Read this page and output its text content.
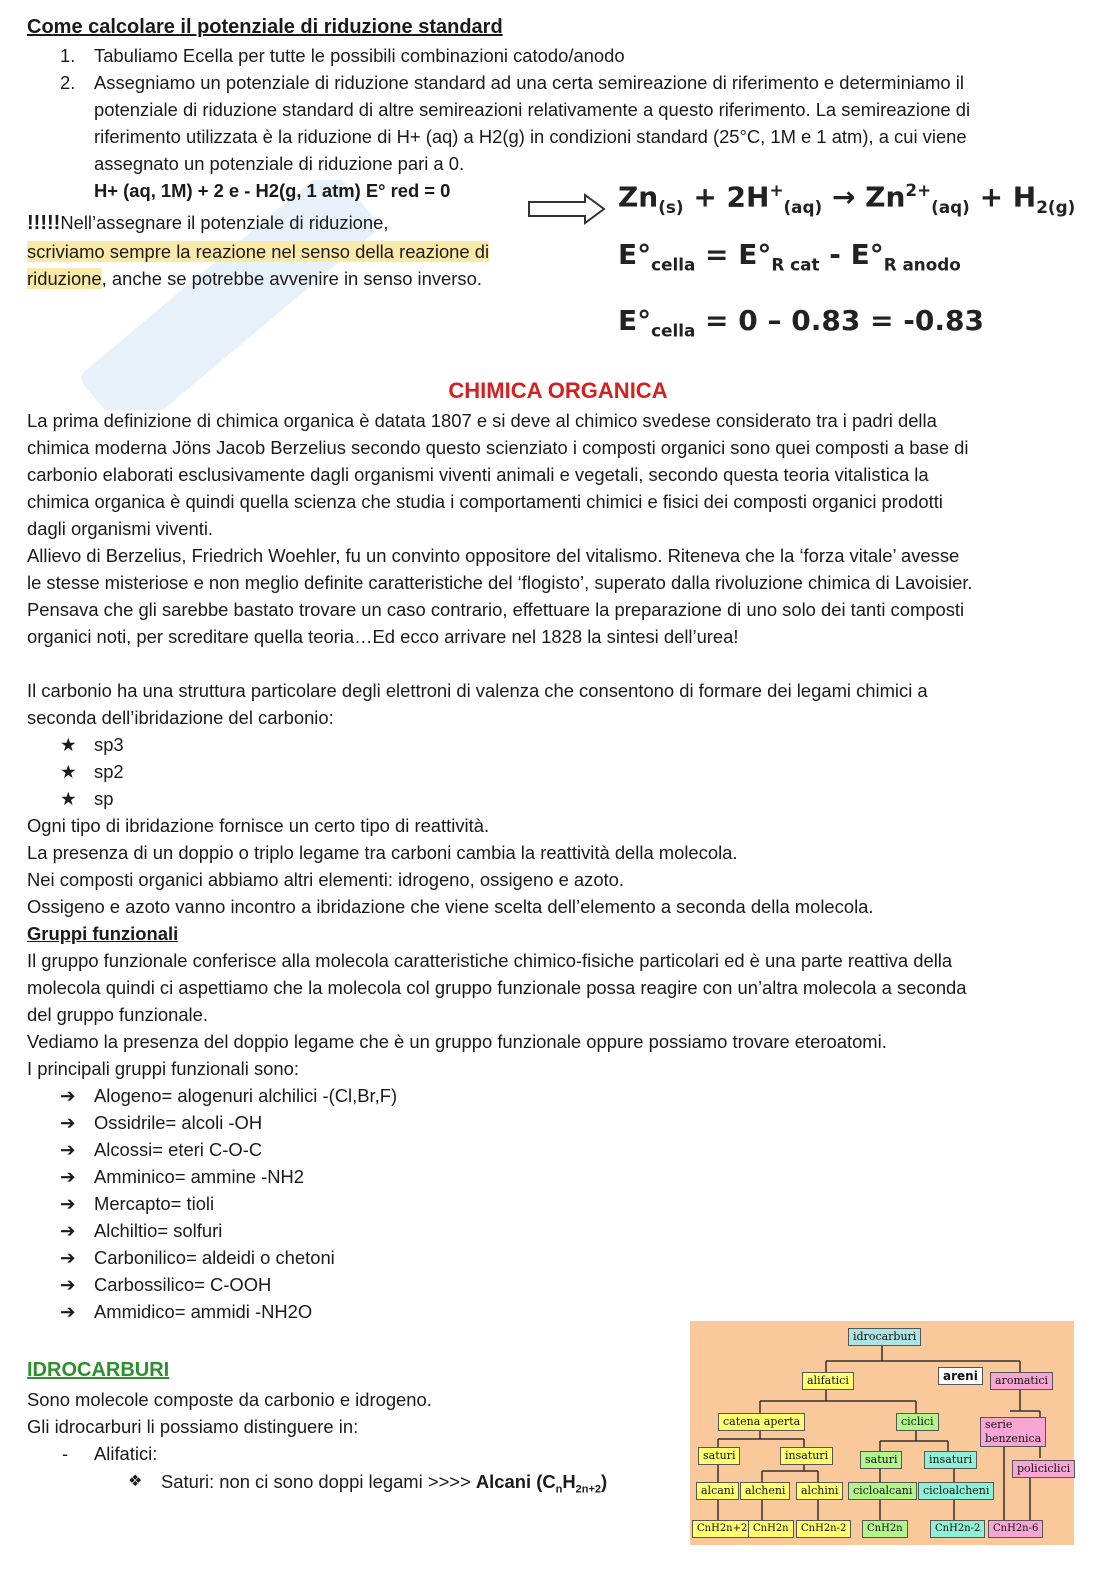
Come calcolare il potenziale di riduzione standard
1. Tabuliamo Ecella per tutte le possibili combinazioni catodo/anodo
2. Assegniamo un potenziale di riduzione standard ad una certa semireazione di riferimento e determiniamo il
potenziale di riduzione standard di altre semireazioni relativamente a questo riferimento. La semireazione di
riferimento utilizzata è la riduzione di H+ (aq) a H2(g) in condizioni standard (25°C, 1M e 1 atm), a cui viene
assegnato un potenziale di riduzione pari a 0.
H+ (aq, 1M) + 2 e - H2(g, 1 atm) E° red = 0
!!!!!Nell’assegnare il potenziale di riduzione,
scriviamo sempre la reazione nel senso della reazione di
riduzione, anche se potrebbe avvenire in senso inverso.
$Zn_{(s)} + 2H^+_{(aq)} \to Zn^{2+}_{(aq)} + H_{2(g)}$
$E^\circ_{cella} = E^\circ_{R cat} - E^\circ_{R anodo}$
$E^\circ_{cella} = 0 - 0.83 = -0.83$
CHIMICA ORGANICA
La prima definizione di chimica organica è datata 1807 e si deve al chimico svedese considerato tra i padri della
chimica moderna Jöns Jacob Berzelius secondo questo scienziato i composti organici sono quei composti a base di
carbonio elaborati esclusivamente dagli organismi viventi animali e vegetali, secondo questa teoria vitalistica la
chimica organica è quindi quella scienza che studia i comportamenti chimici e fisici dei composti organici prodotti
dagli organismi viventi.
Allievo di Berzelius, Friedrich Woehler, fu un convinto oppositore del vitalismo. Riteneva che la ‘forza vitale’ avesse
le stesse misteriose e non meglio definite caratteristiche del ‘flogisto’, superato dalla rivoluzione chimica di Lavoisier.
Pensava che gli sarebbe bastato trovare un caso contrario, effettuare la preparazione di uno solo dei tanti composti
organici noti, per screditare quella teoria…Ed ecco arrivare nel 1828 la sintesi dell’urea!
Il carbonio ha una struttura particolare degli elettroni di valenza che consentono di formare dei legami chimici a
seconda dell’ibridazione del carbonio:
★ sp3
★ sp2
★ sp
Ogni tipo di ibridazione fornisce un certo tipo di reattività.
La presenza di un doppio o triplo legame tra carboni cambia la reattività della molecola.
Nei composti organici abbiamo altri elementi: idrogeno, ossigeno e azoto.
Ossigeno e azoto vanno incontro a ibridazione che viene scelta dell’elemento a seconda della molecola.
Gruppi funzionali
Il gruppo funzionale conferisce alla molecola caratteristiche chimico-fisiche particolari ed è una parte reattiva della
molecola quindi ci aspettiamo che la molecola col gruppo funzionale possa reagire con un’altra molecola a seconda
del gruppo funzionale.
Vediamo la presenza del doppio legame che è un gruppo funzionale oppure possiamo trovare eteroatomi.
I principali gruppi funzionali sono:
➔ Alogeno= alogenuri alchilici -(Cl,Br,F)
➔ Ossidrile= alcoli -OH
➔ Alcossi= eteri C-O-C
➔ Amminico= ammine -NH2
➔ Mercapto= tioli
➔ Alchiltio= solfuri
➔ Carbonilico= aldeidi o chetoni
➔ Carbossilico= C-OOH
➔ Ammidico= ammidi -NH2O
IDROCARBURI
Sono molecole composte da carbonio e idrogeno.
Gli idrocarburi li possiamo distinguere in:
- Alifatici:
❖ Saturi: non ci sono doppi legami >>>> Alcani $(C_nH_{2n+2})$
idrocarburi
alifatici	areni	aromatici
catena aperta	ciclici	serie
benzenica
saturi	insaturi	saturi	insaturi
policiclici
alcani alcheni	alchini	cicloalcani cicloalcheni
CnH2n+2 CnH2n	CnH2n-2	CnH2n	CnH2n-2	CnH2n-6
